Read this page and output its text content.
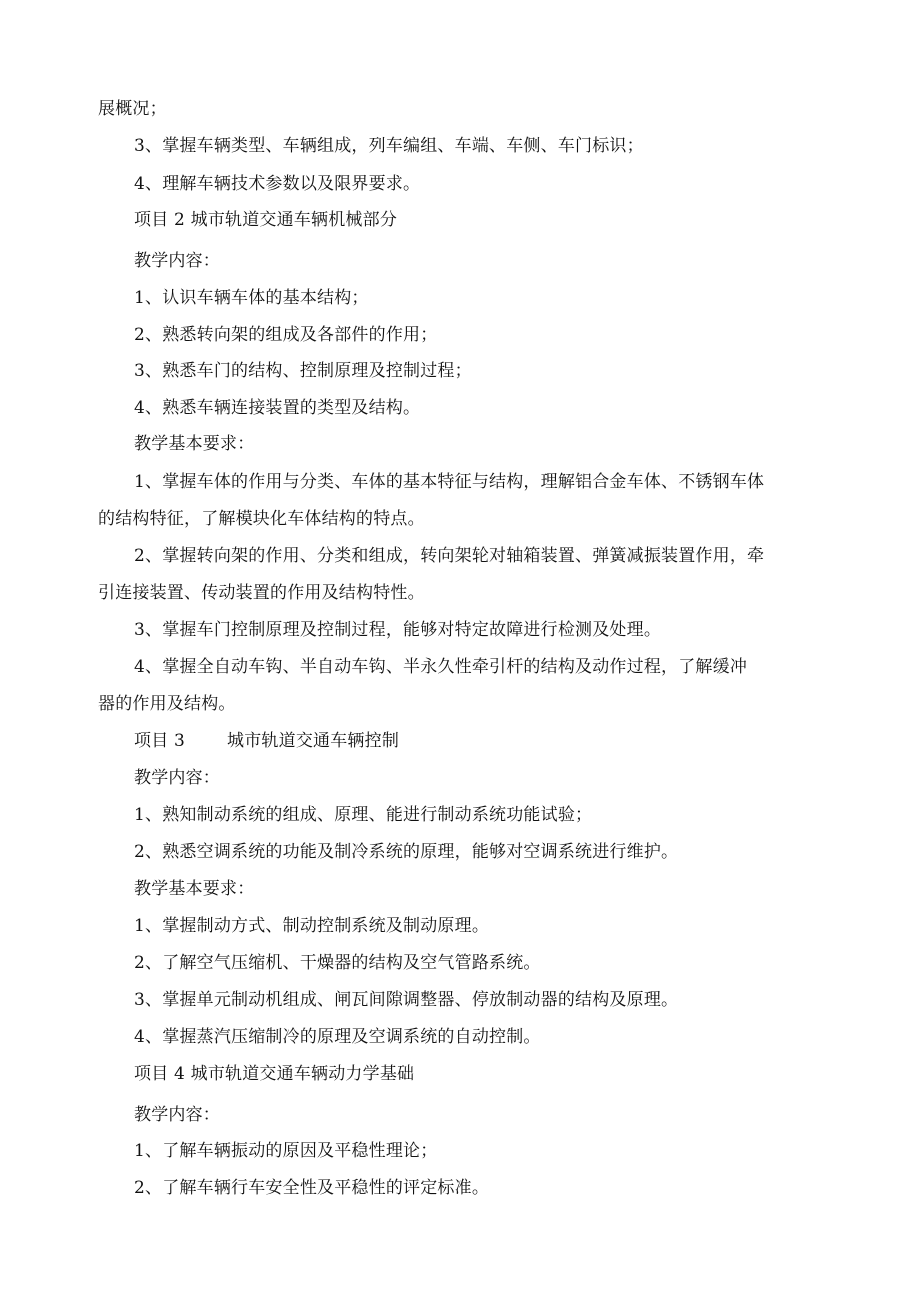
展概况；

3、掌握车辆类型、车辆组成，列车编组、车端、车侧、车门标识；

4、理解车辆技术参数以及限界要求。

项目 2 城市轨道交通车辆机械部分

教学内容：

1、认识车辆车体的基本结构；

2、熟悉转向架的组成及各部件的作用；

3、熟悉车门的结构、控制原理及控制过程；

4、熟悉车辆连接装置的类型及结构。

教学基本要求：

1、掌握车体的作用与分类、车体的基本特征与结构，理解铝合金车体、不锈钢车体

的结构特征，了解模块化车体结构的特点。

2、掌握转向架的作用、分类和组成，转向架轮对轴箱装置、弹簧减振装置作用，牵

引连接装置、传动装置的作用及结构特性。

3、掌握车门控制原理及控制过程，能够对特定故障进行检测及处理。

4、掌握全自动车钩、半自动车钩、半永久性牵引杆的结构及动作过程，了解缓冲

器的作用及结构。

项目 3 城市轨道交通车辆控制

教学内容：

1、熟知制动系统的组成、原理、能进行制动系统功能试验；

2、熟悉空调系统的功能及制冷系统的原理，能够对空调系统进行维护。

教学基本要求：

1、掌握制动方式、制动控制系统及制动原理。

2、了解空气压缩机、干燥器的结构及空气管路系统。

3、掌握单元制动机组成、闸瓦间隙调整器、停放制动器的结构及原理。

4、掌握蒸汽压缩制冷的原理及空调系统的自动控制。

项目 4 城市轨道交通车辆动力学基础

教学内容：

1、了解车辆振动的原因及平稳性理论；

2、了解车辆行车安全性及平稳性的评定标准。
